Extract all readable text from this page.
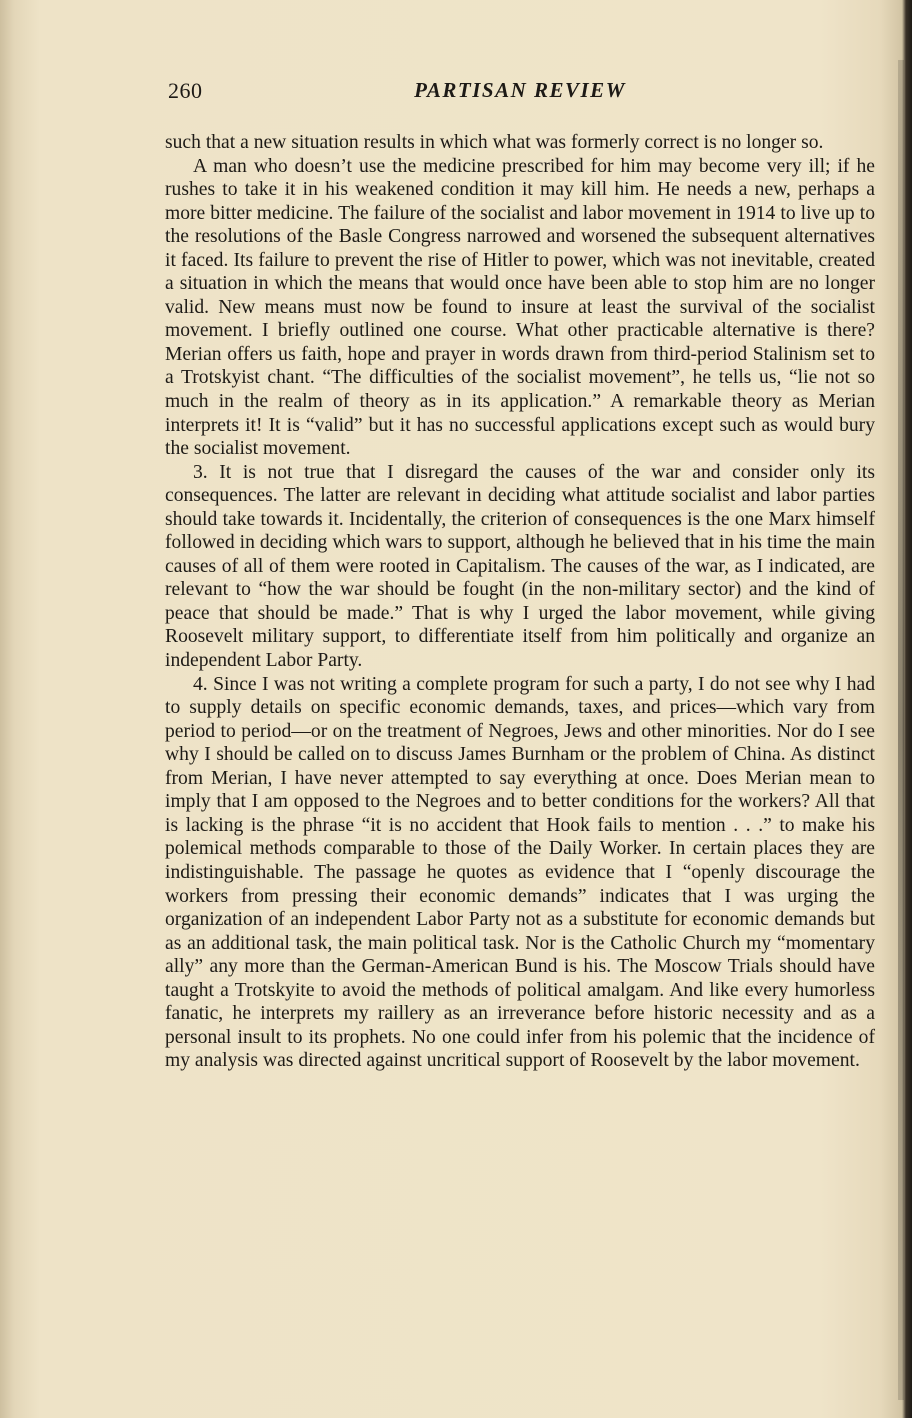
260	PARTISAN REVIEW

such that a new situation results in which what was formerly correct is no longer so.

A man who doesn’t use the medicine prescribed for him may become very ill; if he rushes to take it in his weakened condition it may kill him. He needs a new, perhaps a more bitter medicine. The failure of the socialist and labor movement in 1914 to live up to the resolutions of the Basle Congress narrowed and worsened the subsequent alternatives it faced. Its failure to prevent the rise of Hitler to power, which was not inevitable, created a situation in which the means that would once have been able to stop him are no longer valid. New means must now be found to insure at least the survival of the socialist movement. I briefly outlined one course. What other practicable alternative is there? Merian offers us faith, hope and prayer in words drawn from third-period Stalinism set to a Trotskyist chant. “The difficulties of the socialist movement”, he tells us, “lie not so much in the realm of theory as in its application.” A remarkable theory as Merian interprets it! It is “valid” but it has no successful applications except such as would bury the socialist movement.

3. It is not true that I disregard the causes of the war and consider only its consequences. The latter are relevant in deciding what attitude socialist and labor parties should take towards it. Incidentally, the criterion of consequences is the one Marx himself followed in deciding which wars to support, although he believed that in his time the main causes of all of them were rooted in Capitalism. The causes of the war, as I indicated, are relevant to “how the war should be fought (in the non-military sector) and the kind of peace that should be made.” That is why I urged the labor movement, while giving Roosevelt military support, to differentiate itself from him politically and organize an independent Labor Party.

4. Since I was not writing a complete program for such a party, I do not see why I had to supply details on specific economic demands, taxes, and prices—which vary from period to period—or on the treatment of Negroes, Jews and other minorities. Nor do I see why I should be called on to discuss James Burnham or the problem of China. As distinct from Merian, I have never attempted to say everything at once. Does Merian mean to imply that I am opposed to the Negroes and to better conditions for the workers? All that is lacking is the phrase “it is no accident that Hook fails to mention . . .” to make his polemical methods comparable to those of the Daily Worker. In certain places they are indistinguishable. The passage he quotes as evidence that I “openly discourage the workers from pressing their economic demands” indicates that I was urging the organization of an independent Labor Party not as a substitute for economic demands but as an additional task, the main political task. Nor is the Catholic Church my “momentary ally” any more than the German-American Bund is his. The Moscow Trials should have taught a Trotskyite to avoid the methods of political amalgam. And like every humorless fanatic, he interprets my raillery as an irreverance before historic necessity and as a personal insult to its prophets. No one could infer from his polemic that the incidence of my analysis was directed against uncritical support of Roosevelt by the labor movement.
